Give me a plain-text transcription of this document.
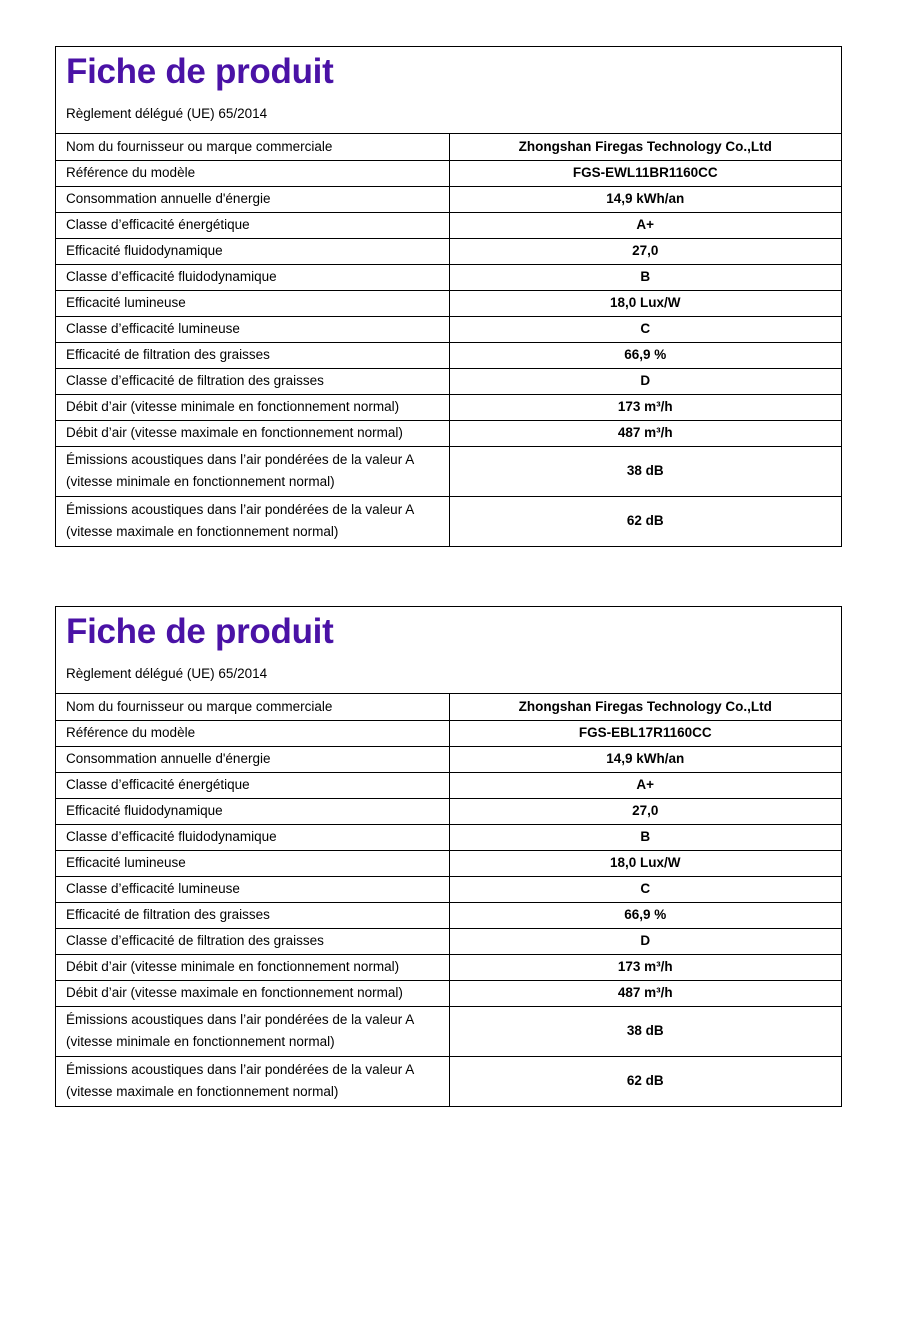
Fiche de produit
Règlement délégué (UE) 65/2014
Nom du fournisseur ou marque commerciale	Zhongshan Firegas Technology Co.,Ltd
Référence du modèle	FGS-EWL11BR1160CC
Consommation annuelle d'énergie	14,9 kWh/an
Classe d’efficacité énergétique	A+
Efficacité fluidodynamique	27,0
Classe d’efficacité fluidodynamique	B
Efficacité lumineuse	18,0 Lux/W
Classe d’efficacité lumineuse	C
Efficacité de filtration des graisses	66,9 %
Classe d’efficacité de filtration des graisses	D
Débit d’air (vitesse minimale en fonctionnement normal)	173 m³/h
Débit d’air (vitesse maximale en fonctionnement normal)	487 m³/h
Émissions acoustiques dans l’air pondérées de la valeur A (vitesse minimale en fonctionnement normal)	38 dB
Émissions acoustiques dans l’air pondérées de la valeur A (vitesse maximale en fonctionnement normal)	62 dB
Fiche de produit
Règlement délégué (UE) 65/2014
Nom du fournisseur ou marque commerciale	Zhongshan Firegas Technology Co.,Ltd
Référence du modèle	FGS-EBL17R1160CC
Consommation annuelle d'énergie	14,9 kWh/an
Classe d’efficacité énergétique	A+
Efficacité fluidodynamique	27,0
Classe d’efficacité fluidodynamique	B
Efficacité lumineuse	18,0 Lux/W
Classe d’efficacité lumineuse	C
Efficacité de filtration des graisses	66,9 %
Classe d’efficacité de filtration des graisses	D
Débit d’air (vitesse minimale en fonctionnement normal)	173 m³/h
Débit d’air (vitesse maximale en fonctionnement normal)	487 m³/h
Émissions acoustiques dans l’air pondérées de la valeur A (vitesse minimale en fonctionnement normal)	38 dB
Émissions acoustiques dans l’air pondérées de la valeur A (vitesse maximale en fonctionnement normal)	62 dB
